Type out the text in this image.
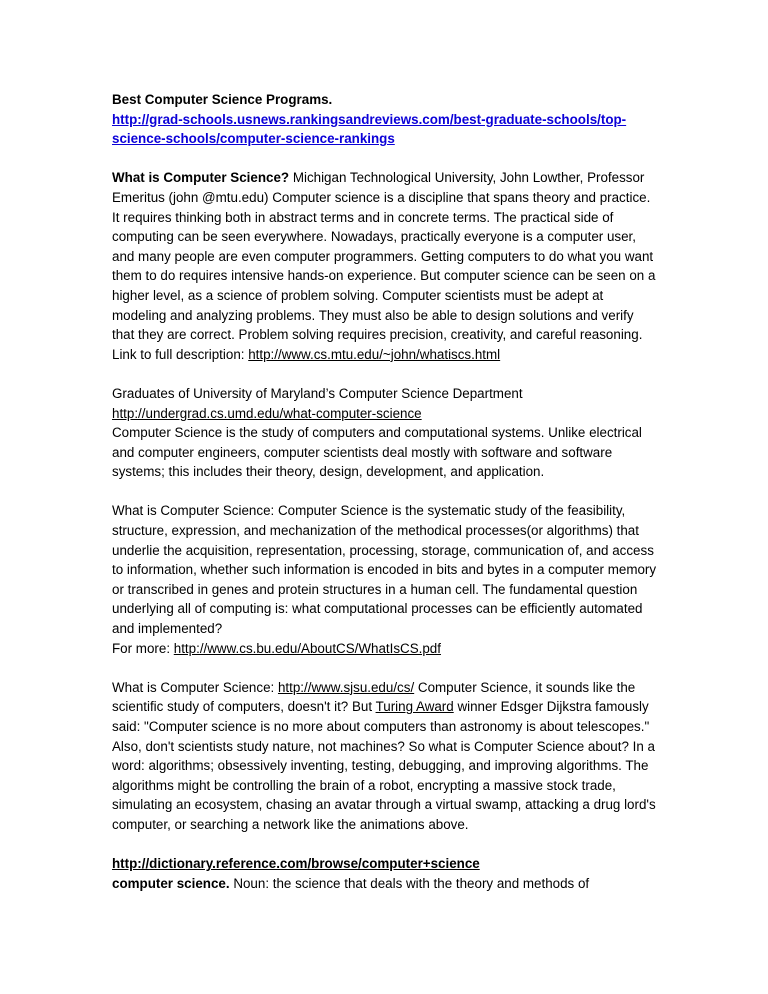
Best Computer Science Programs.
http://grad-schools.usnews.rankingsandreviews.com/best-graduate-schools/top-science-schools/computer-science-rankings

What is Computer Science? Michigan Technological University, John Lowther, Professor Emeritus (john @mtu.edu) Computer science is a discipline that spans theory and practice. It requires thinking both in abstract terms and in concrete terms. The practical side of computing can be seen everywhere. Nowadays, practically everyone is a computer user, and many people are even computer programmers. Getting computers to do what you want them to do requires intensive hands-on experience. But computer science can be seen on a higher level, as a science of problem solving. Computer scientists must be adept at modeling and analyzing problems. They must also be able to design solutions and verify that they are correct. Problem solving requires precision, creativity, and careful reasoning. Link to full description: http://www.cs.mtu.edu/~john/whatiscs.html

Graduates of University of Maryland’s Computer Science Department
http://undergrad.cs.umd.edu/what-computer-science
Computer Science is the study of computers and computational systems. Unlike electrical and computer engineers, computer scientists deal mostly with software and software systems; this includes their theory, design, development, and application.

What is Computer Science: Computer Science is the systematic study of the feasibility, structure, expression, and mechanization of the methodical processes(or algorithms) that underlie the acquisition, representation, processing, storage, communication of, and access to information, whether such information is encoded in bits and bytes in a computer memory or transcribed in genes and protein structures in a human cell. The fundamental question underlying all of computing is: what computational processes can be efficiently automated and implemented?
For more: http://www.cs.bu.edu/AboutCS/WhatIsCS.pdf

What is Computer Science: http://www.sjsu.edu/cs/ Computer Science, it sounds like the scientific study of computers, doesn't it? But Turing Award winner Edsger Dijkstra famously said: "Computer science is no more about computers than astronomy is about telescopes." Also, don't scientists study nature, not machines? So what is Computer Science about? In a word: algorithms; obsessively inventing, testing, debugging, and improving algorithms. The algorithms might be controlling the brain of a robot, encrypting a massive stock trade, simulating an ecosystem, chasing an avatar through a virtual swamp, attacking a drug lord's computer, or searching a network like the animations above.

http://dictionary.reference.com/browse/computer+science
computer science. Noun: the science that deals with the theory and methods of
